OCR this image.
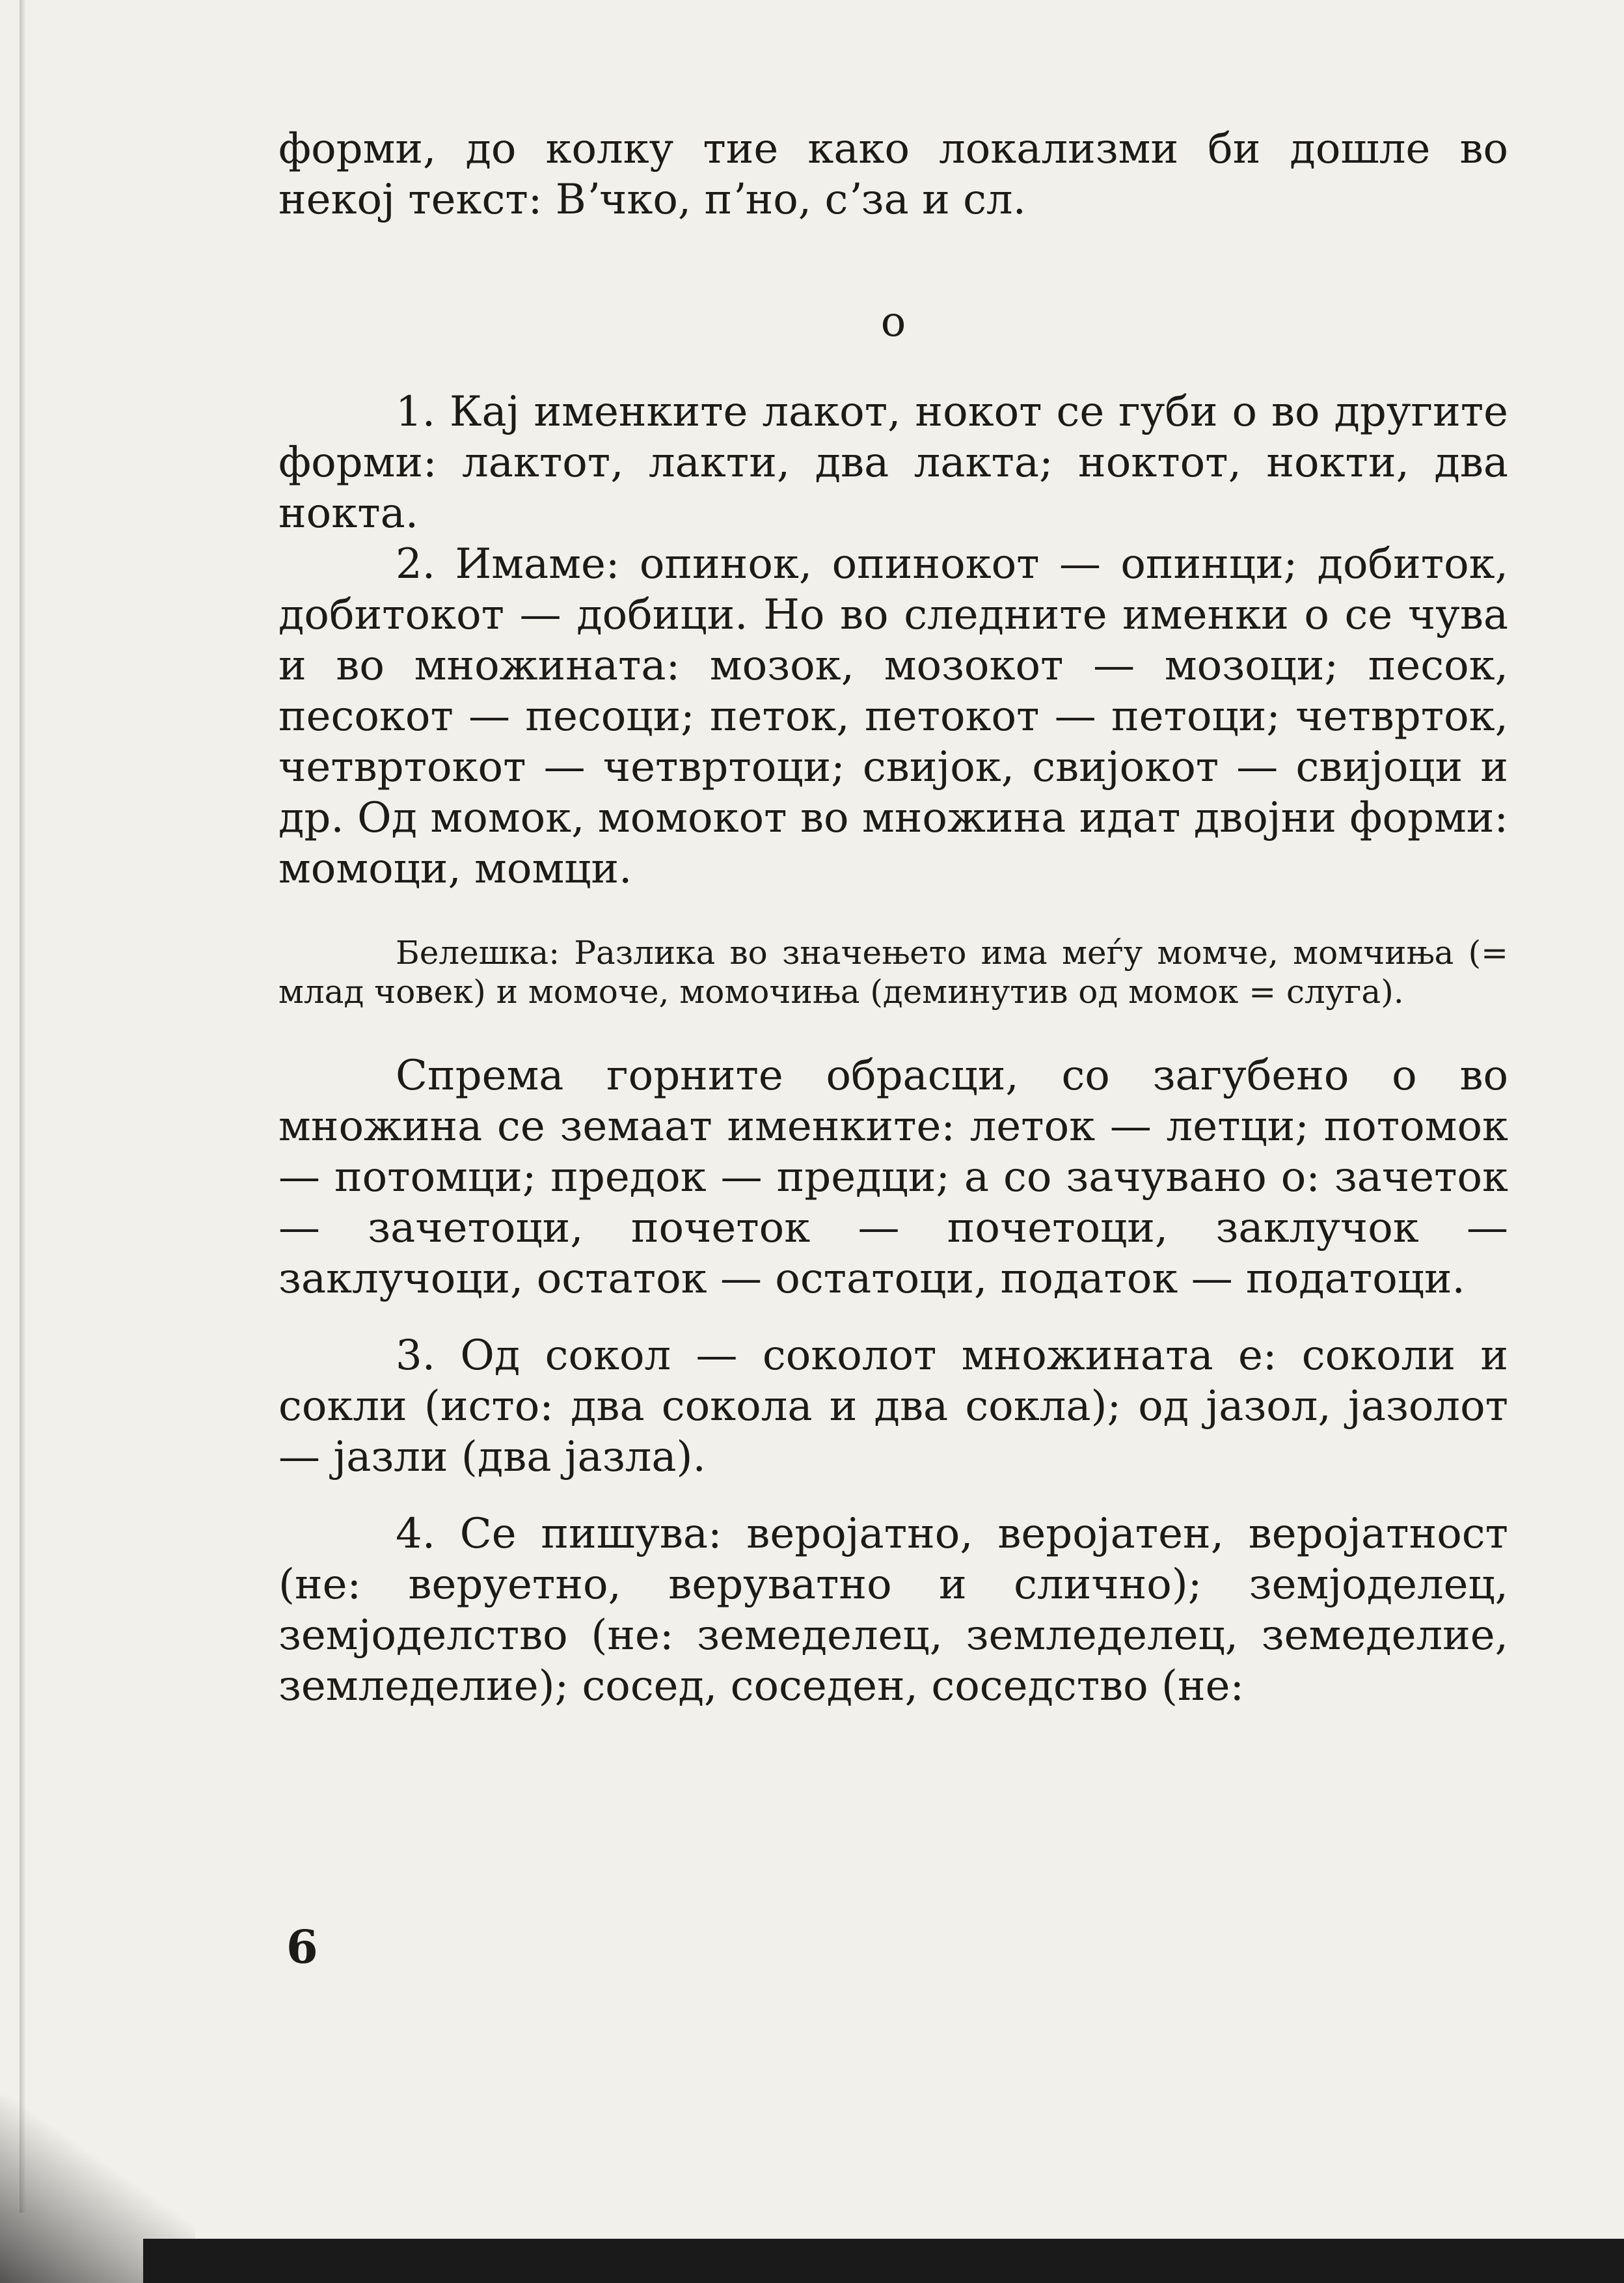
форми, до колку тие како локализми би дошле во некој текст: Вʼчко, пʼно, сʼза и сл.

о

1. Кај именките лакот, нокот се губи о во другите форми: лактот, лакти, два лакта; ноктот, нокти, два нокта.

2. Имаме: опинок, опинокот — опинци; добиток, добитокот — добици. Но во следните именки о се чува и во множината: мозок, мозокот — мозоци; песок, песокот — песоци; петок, петокот — петоци; четврток, четвртокот — четвртоци; свиjок, свиjокот — свиjоци и др. Од момок, момокот во множина идат двоjни форми: момоци, момци.

Белешка: Разлика во значењето има меѓу момче, момчиња (= млад човек) и момоче, момочиња (деминутив од момок = слуга).

Спрема горните обрасци, со загубено о во множина се земаат именките: леток — летци; потомок — потомци; предок — предци; а со зачувано о: зачеток — зачетоци, почеток — почетоци, заклучок — заклучоци, остаток — остатоци, податок — податоци.

3. Од сокол — соколот множината е: соколи и сокли (исто: два сокола и два сокла); од jазол, jазолот — jазли (два jазла).

4. Се пишува: вероjатно, вероjатен, вероjатност (не: веруетно, веруватно и слично); земjоделец, земjоделство (не: земеделец, земледелец, земеделие, земледелие); сосед, соседен, соседство (не:

6
